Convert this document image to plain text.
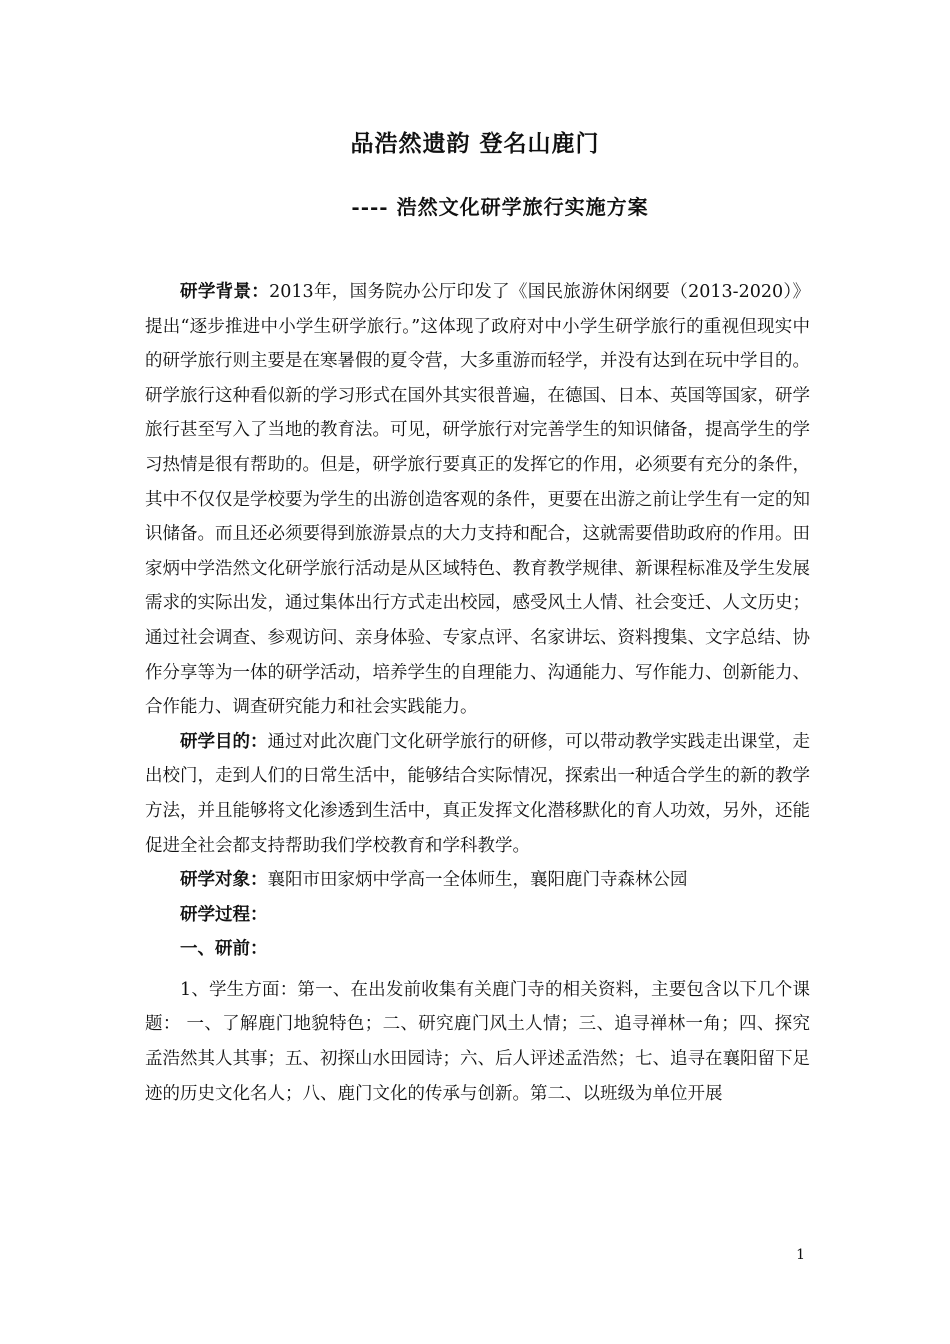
品浩然遗韵 登名山鹿门
---- 浩然文化研学旅行实施方案

研学背景：2013年，国务院办公厅印发了《国民旅游休闲纲要（2013-2020）》提出“逐步推进中小学生研学旅行。”这体现了政府对中小学生研学旅行的重视但现实中的研学旅行则主要是在寒暑假的夏令营，大多重游而轻学，并没有达到在玩中学目的。研学旅行这种看似新的学习形式在国外其实很普遍，在德国、日本、英国等国家，研学旅行甚至写入了当地的教育法。可见，研学旅行对完善学生的知识储备，提高学生的学习热情是很有帮助的。但是，研学旅行要真正的发挥它的作用，必须要有充分的条件，其中不仅仅是学校要为学生的出游创造客观的条件，更要在出游之前让学生有一定的知识储备。而且还必须要得到旅游景点的大力支持和配合，这就需要借助政府的作用。田家炳中学浩然文化研学旅行活动是从区域特色、教育教学规律、新课程标准及学生发展需求的实际出发，通过集体出行方式走出校园，感受风土人情、社会变迁、人文历史；通过社会调查、参观访问、亲身体验、专家点评、名家讲坛、资料搜集、文字总结、协作分享等为一体的研学活动，培养学生的自理能力、沟通能力、写作能力、创新能力、合作能力、调查研究能力和社会实践能力。

研学目的：通过对此次鹿门文化研学旅行的研修，可以带动教学实践走出课堂，走出校门，走到人们的日常生活中，能够结合实际情况，探索出一种适合学生的新的教学方法，并且能够将文化渗透到生活中，真正发挥文化潜移默化的育人功效，另外，还能促进全社会都支持帮助我们学校教育和学科教学。

研学对象：襄阳市田家炳中学高一全体师生，襄阳鹿门寺森林公园

研学过程：

一、研前：

1、学生方面：第一、在出发前收集有关鹿门寺的相关资料，主要包含以下几个课题： 一、了解鹿门地貌特色；二、研究鹿门风土人情；三、追寻禅林一角；四、探究孟浩然其人其事；五、初探山水田园诗；六、后人评述孟浩然；七、追寻在襄阳留下足迹的历史文化名人；八、鹿门文化的传承与创新。第二、以班级为单位开展

1
